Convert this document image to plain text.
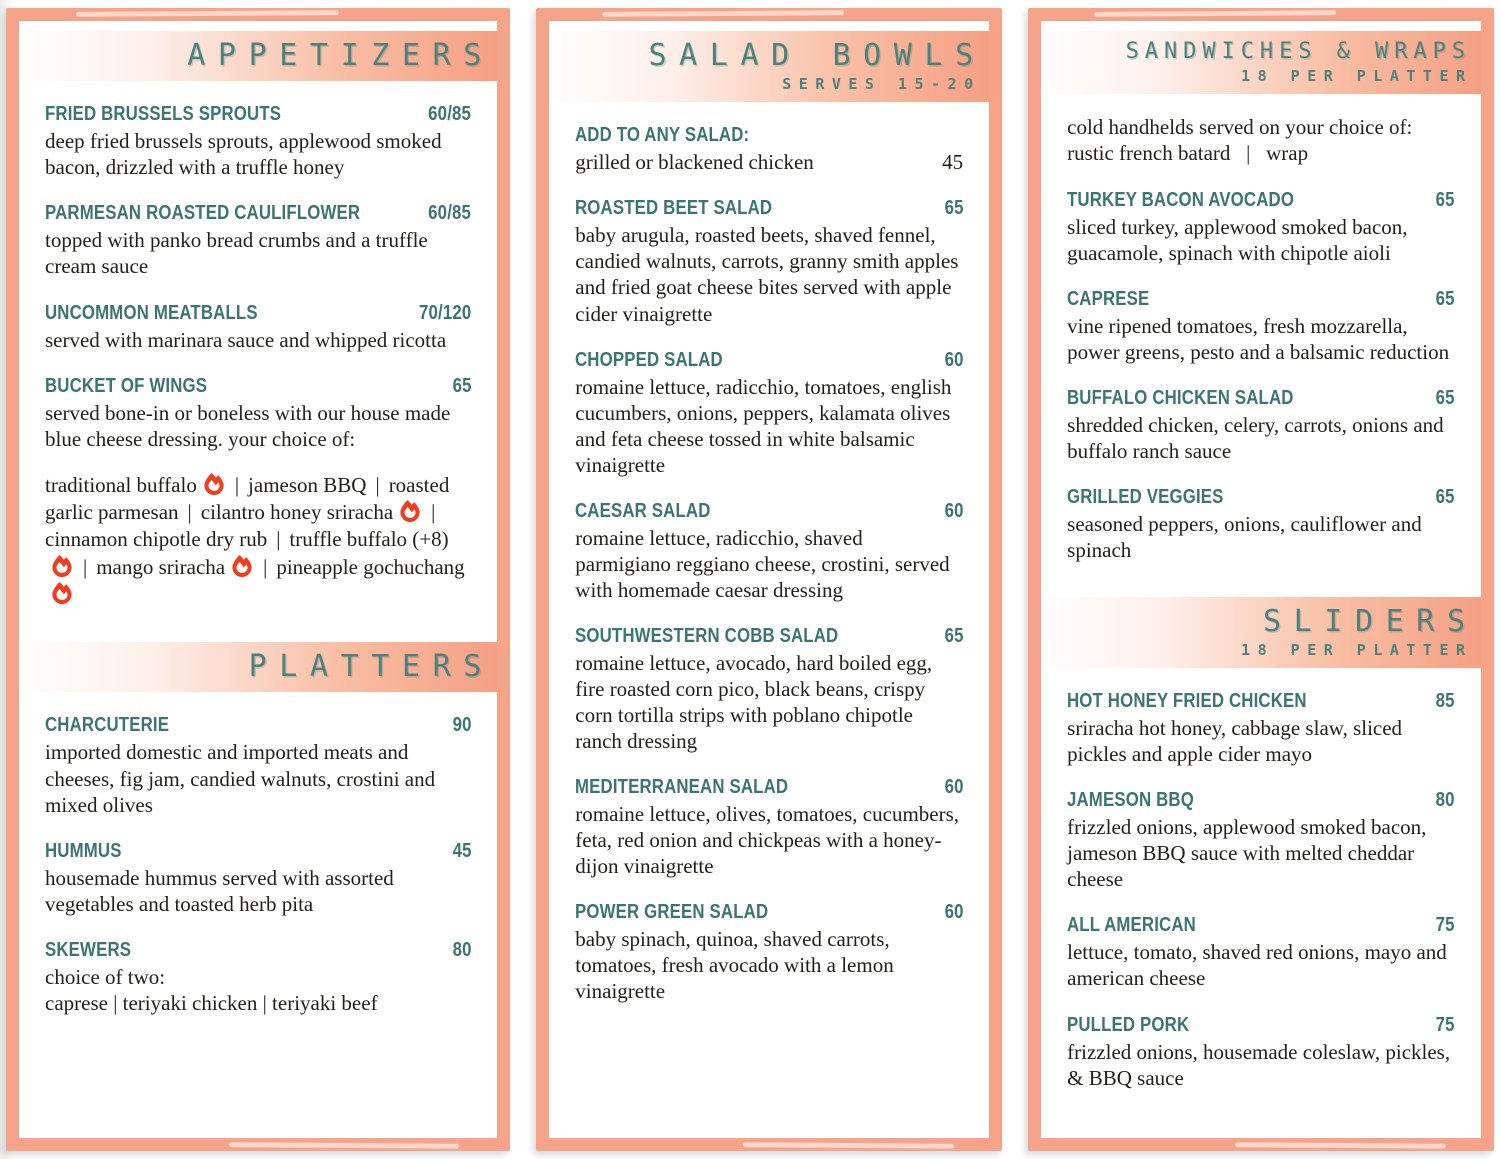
APPETIZERS
FRIED BRUSSELS SPROUTS	60/85

deep fried brussels sprouts, applewood smoked bacon, drizzled with a truffle honey

PARMESAN ROASTED CAULIFLOWER	60/85

topped with panko bread crumbs and a truffle cream sauce

UNCOMMON MEATBALLS	70/120

served with marinara sauce and whipped ricotta

BUCKET OF WINGS	65

served bone-in or boneless with our house made blue cheese dressing. your choice of:

traditional buffalo | jameson BBQ | roasted garlic parmesan | cilantro honey sriracha |cinnamon chipotle dry rub | truffle buffalo (+8)| mango sriracha | pineapple gochuchang

PLATTERS
CHARCUTERIE	90

imported domestic and imported meats and cheeses, fig jam, candied walnuts, crostini and mixed olives

HUMMUS	45

housemade hummus served with assorted vegetables and toasted herb pita

SKEWERS	80

choice of two:
caprese | teriyaki chicken | teriyaki beef

SALAD BOWLS
SERVES 15-20
ADD TO ANY SALAD:

grilled or blackened chicken	45

ROASTED BEET SALAD	65

baby arugula, roasted beets, shaved fennel, candied walnuts, carrots, granny smith apples and fried goat cheese bites served with apple cider vinaigrette

CHOPPED SALAD	60

romaine lettuce, radicchio, tomatoes, english cucumbers, onions, peppers, kalamata olives and feta cheese tossed in white balsamic vinaigrette

CAESAR SALAD	60

romaine lettuce, radicchio, shaved parmigiano reggiano cheese, crostini, served with homemade caesar dressing

SOUTHWESTERN COBB SALAD	65

romaine lettuce, avocado, hard boiled egg, fire roasted corn pico, black beans, crispy corn tortilla strips with poblano chipotle ranch dressing

MEDITERRANEAN SALAD	60

romaine lettuce, olives, tomatoes, cucumbers, feta, red onion and chickpeas with a honey-dijon vinaigrette

POWER GREEN SALAD	60

baby spinach, quinoa, shaved carrots, tomatoes, fresh avocado with a lemon vinaigrette

SANDWICHES & WRAPS
18 PER PLATTER
cold handhelds served on your choice of:
rustic french batard  |  wrap
TURKEY BACON AVOCADO	65

sliced turkey, applewood smoked bacon, guacamole, spinach with chipotle aioli

CAPRESE	65

vine ripened tomatoes, fresh mozzarella, power greens, pesto and a balsamic reduction

BUFFALO CHICKEN SALAD	65

shredded chicken, celery, carrots, onions and buffalo ranch sauce

GRILLED VEGGIES	65

seasoned peppers, onions, cauliflower and spinach

SLIDERS
18 PER PLATTER
HOT HONEY FRIED CHICKEN	85

sriracha hot honey, cabbage slaw, sliced pickles and apple cider mayo

JAMESON BBQ	80

frizzled onions, applewood smoked bacon, jameson BBQ sauce with melted cheddar cheese

ALL AMERICAN	75

lettuce, tomato, shaved red onions, mayo and american cheese

PULLED PORK	75

frizzled onions, housemade coleslaw, pickles, & BBQ sauce
